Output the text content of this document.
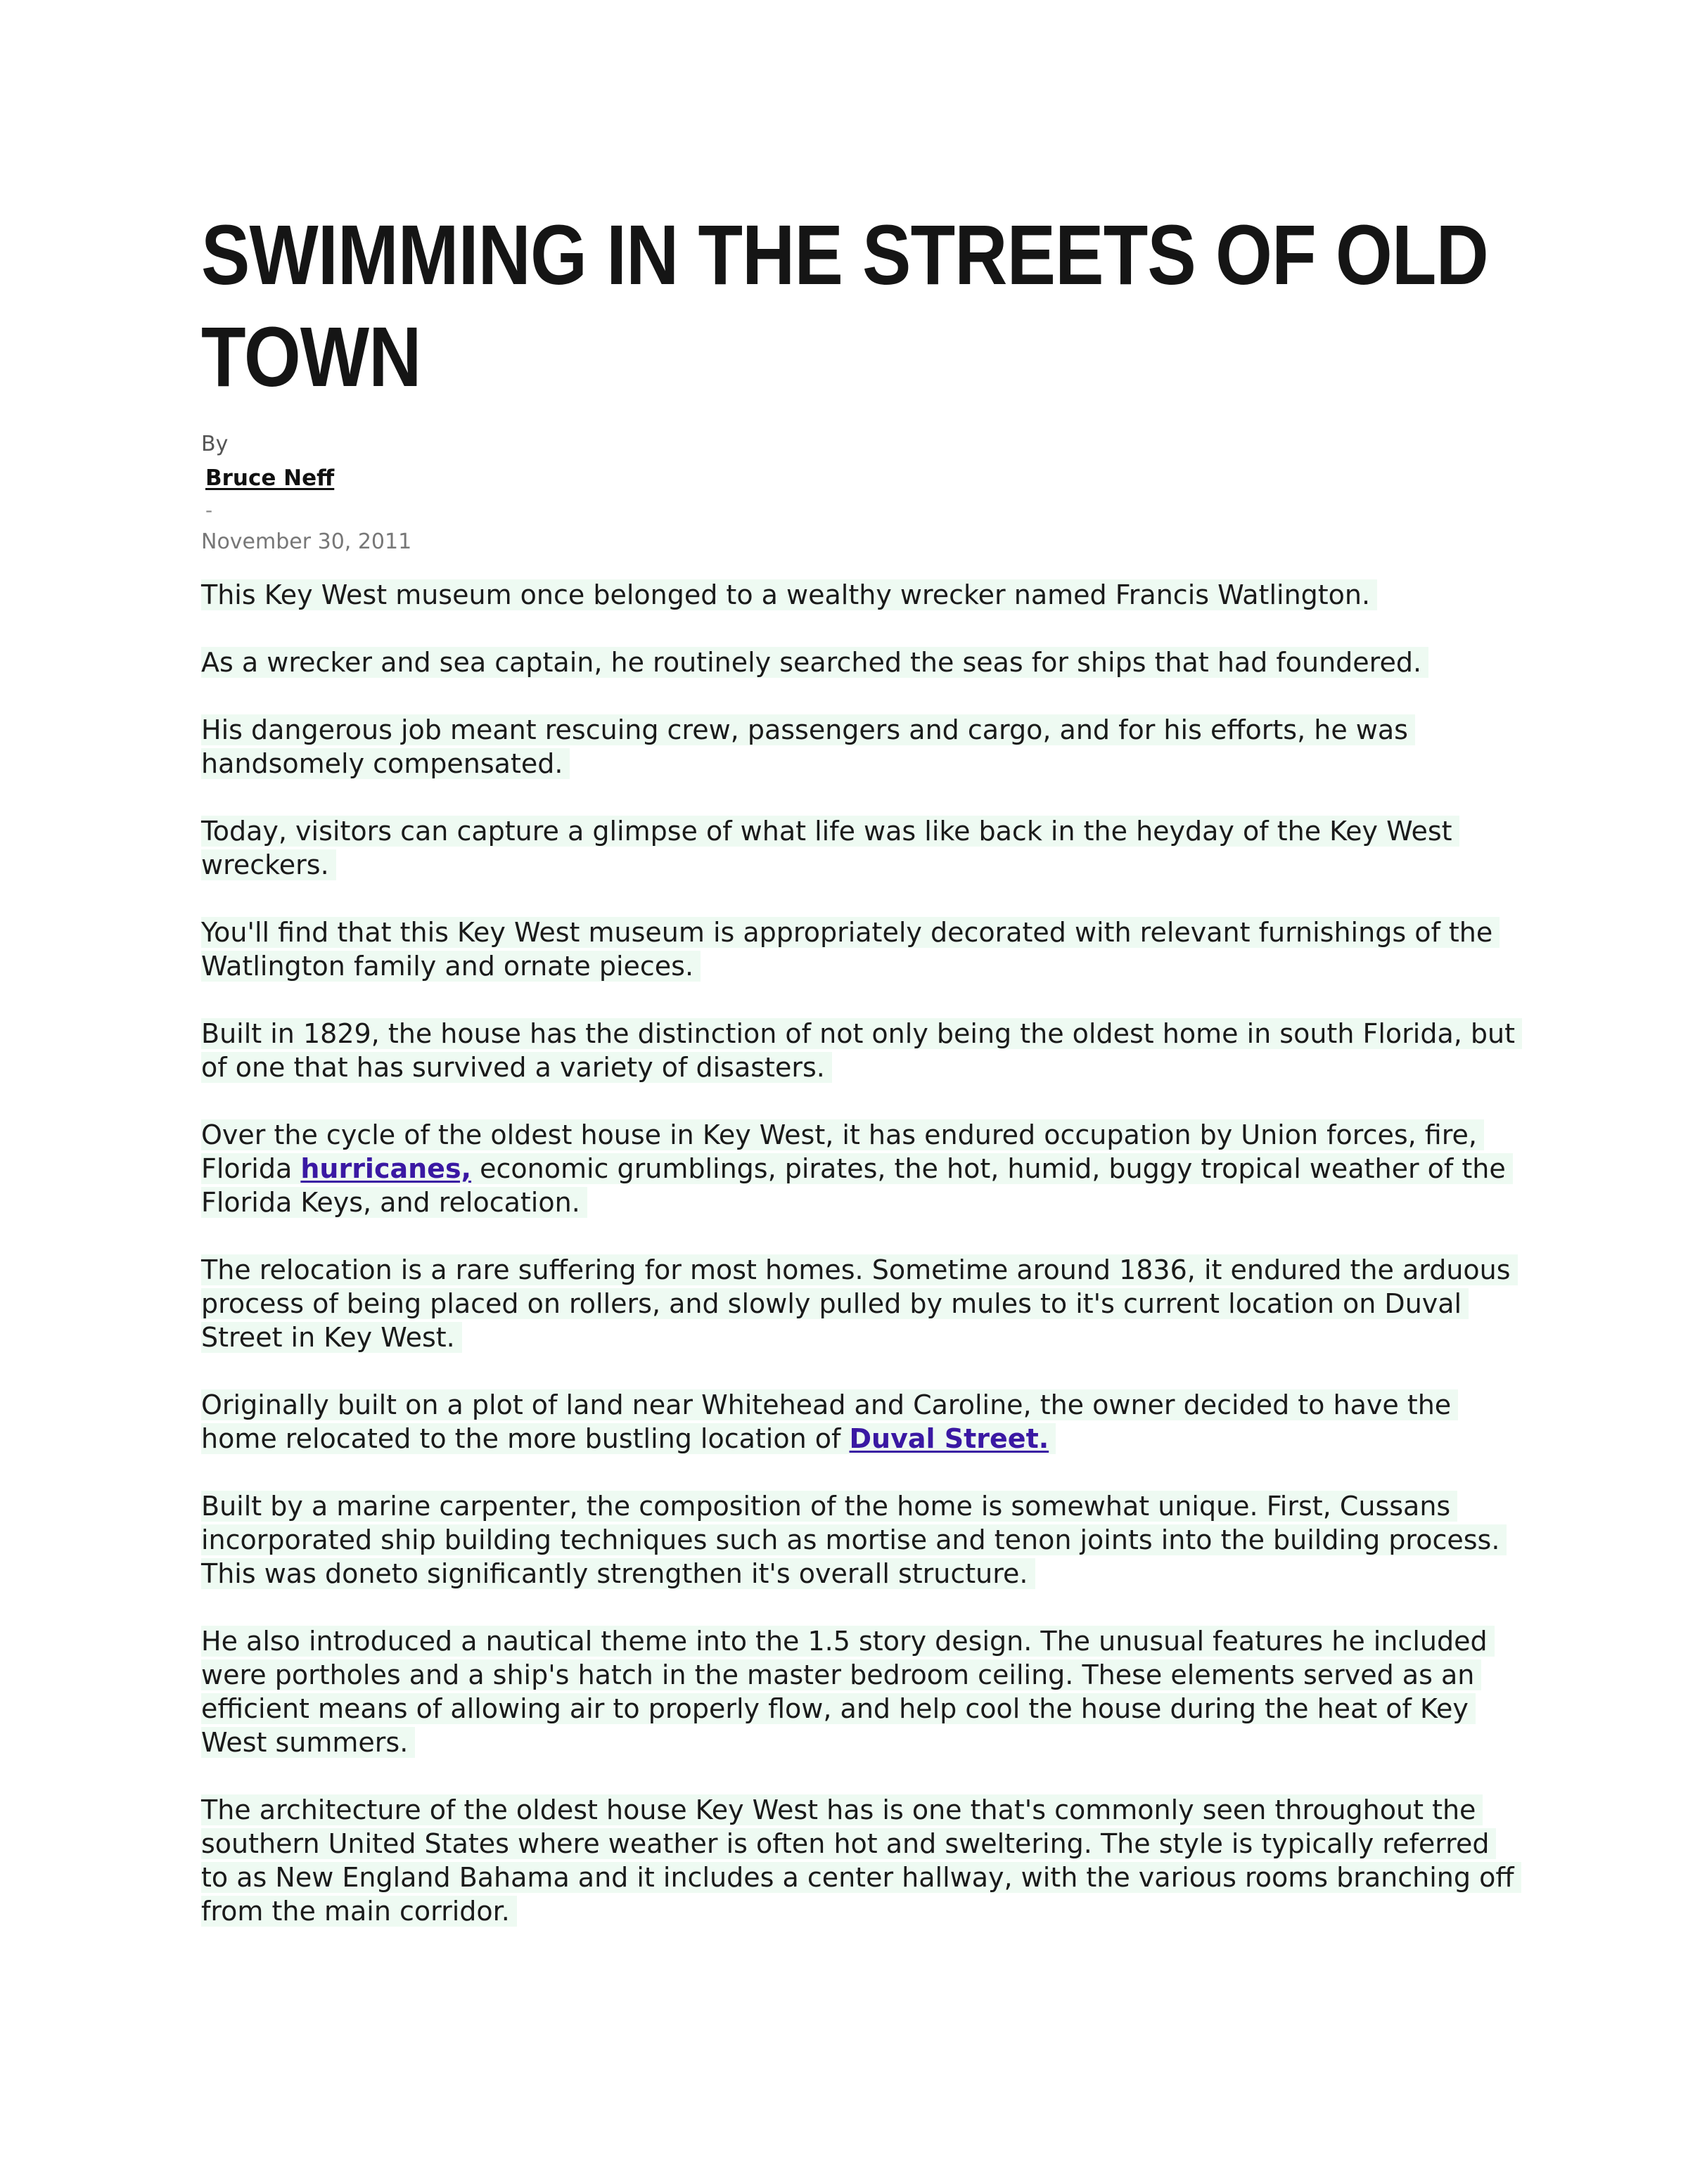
SWIMMING IN THE STREETS OF OLD TOWN
By
Bruce Neff
-
November 30, 2011

This Key West museum once belonged to a wealthy wrecker named Francis Watlington.

As a wrecker and sea captain, he routinely searched the seas for ships that had foundered.

His dangerous job meant rescuing crew, passengers and cargo, and for his efforts, he was handsomely compensated.

Today, visitors can capture a glimpse of what life was like back in the heyday of the Key West wreckers.

You'll find that this Key West museum is appropriately decorated with relevant furnishings of the Watlington family and ornate pieces.

Built in 1829, the house has the distinction of not only being the oldest home in south Florida, but of one that has survived a variety of disasters.

Over the cycle of the oldest house in Key West, it has endured occupation by Union forces, fire, Florida hurricanes, economic grumblings, pirates, the hot, humid, buggy tropical weather of the Florida Keys, and relocation.

The relocation is a rare suffering for most homes. Sometime around 1836, it endured the arduous process of being placed on rollers, and slowly pulled by mules to it's current location on Duval Street in Key West.

Originally built on a plot of land near Whitehead and Caroline, the owner decided to have the home relocated to the more bustling location of Duval Street.

Built by a marine carpenter, the composition of the home is somewhat unique. First, Cussans incorporated ship building techniques such as mortise and tenon joints into the building process. This was doneto significantly strengthen it's overall structure.

He also introduced a nautical theme into the 1.5 story design. The unusual features he included were portholes and a ship's hatch in the master bedroom ceiling. These elements served as an efficient means of allowing air to properly flow, and help cool the house during the heat of Key West summers.

The architecture of the oldest house Key West has is one that's commonly seen throughout the southern United States where weather is often hot and sweltering. The style is typically referred to as New England Bahama and it includes a center hallway, with the various rooms branching off from the main corridor.
